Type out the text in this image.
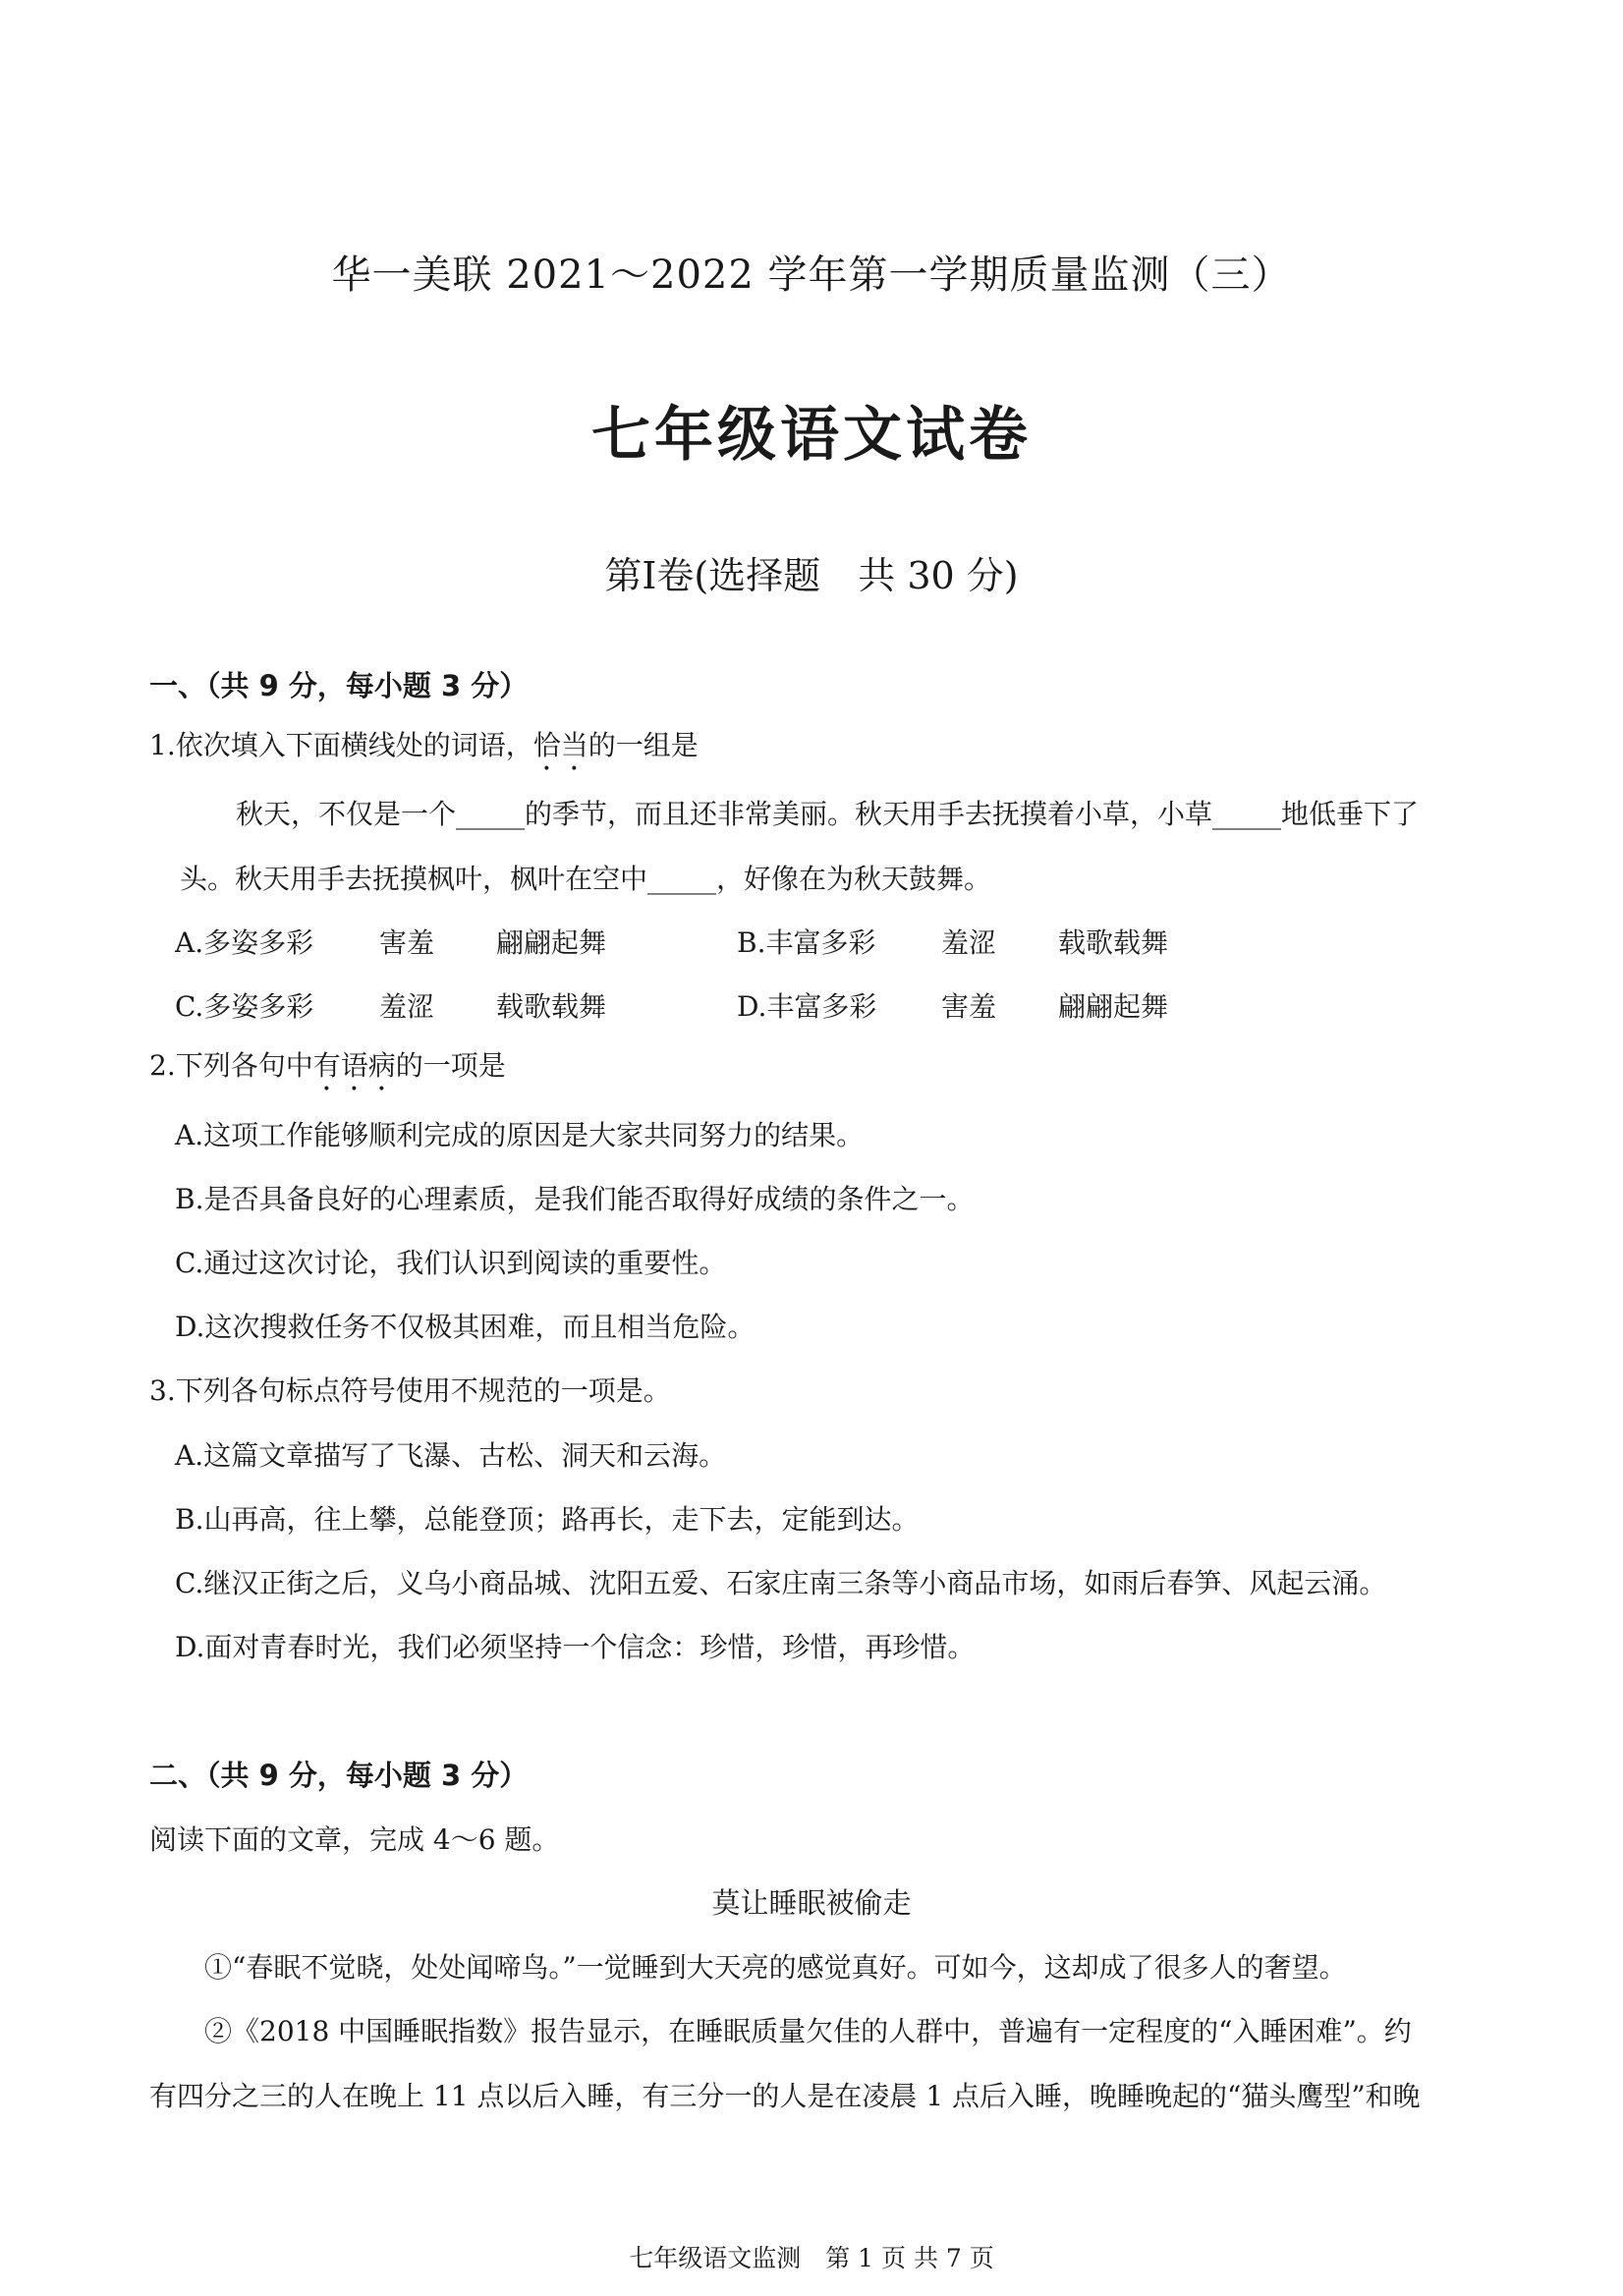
华一美联 2021～2022 学年第一学期质量监测（三）
七年级语文试卷
第Ⅰ卷(选择题　共 30 分)
一、（共 9 分，每小题 3 分）
1.依次填入下面横线处的词语，恰当的一组是
秋天，不仅是一个_____的季节，而且还非常美丽。秋天用手去抚摸着小草，小草_____地低垂下了
头。秋天用手去抚摸枫叶，枫叶在空中_____，好像在为秋天鼓舞。
A.多姿多彩 害羞 翩翩起舞	B.丰富多彩 羞涩 载歌载舞
C.多姿多彩 羞涩 载歌载舞	D.丰富多彩 害羞 翩翩起舞
2.下列各句中有语病的一项是
A.这项工作能够顺利完成的原因是大家共同努力的结果。
B.是否具备良好的心理素质，是我们能否取得好成绩的条件之一。
C.通过这次讨论，我们认识到阅读的重要性。
D.这次搜救任务不仅极其困难，而且相当危险。
3.下列各句标点符号使用不规范的一项是。
A.这篇文章描写了飞瀑、古松、洞天和云海。
B.山再高，往上攀，总能登顶；路再长，走下去，定能到达。
C.继汉正街之后，义乌小商品城、沈阳五爱、石家庄南三条等小商品市场，如雨后春笋、风起云涌。
D.面对青春时光，我们必须坚持一个信念：珍惜，珍惜，再珍惜。
二、（共 9 分，每小题 3 分）
阅读下面的文章，完成 4～6 题。
莫让睡眠被偷走
①“春眠不觉晓，处处闻啼鸟。”一觉睡到大天亮的感觉真好。可如今，这却成了很多人的奢望。
②《2018 中国睡眠指数》报告显示，在睡眠质量欠佳的人群中，普遍有一定程度的“入睡困难”。约
有四分之三的人在晚上 11 点以后入睡，有三分一的人是在凌晨 1 点后入睡，晚睡晚起的“猫头鹰型”和晚
七年级语文监测　第 1 页 共 7 页
